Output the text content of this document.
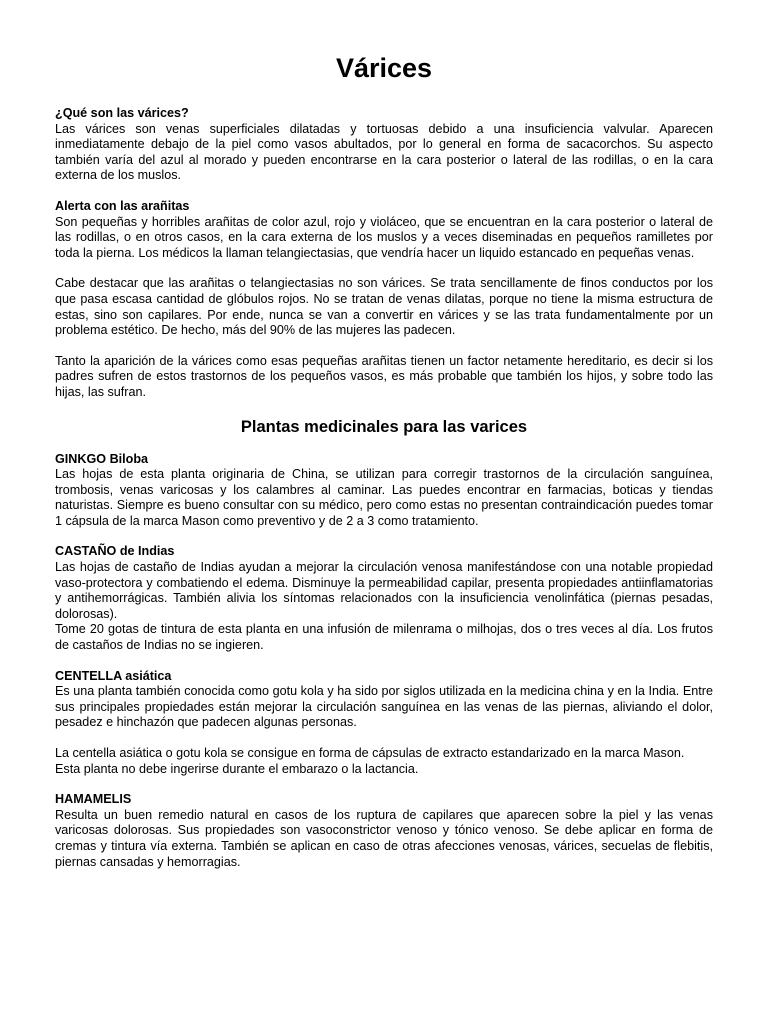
Várices

¿Qué son las várices?

Las várices son venas superficiales dilatadas y tortuosas debido a una insuficiencia valvular. Aparecen inmediatamente debajo de la piel como vasos abultados, por lo general en forma de sacacorchos. Su aspecto también varía del azul al morado y pueden encontrarse en la cara posterior o lateral de las rodillas, o en la cara externa de los muslos.

Alerta con las arañitas

Son pequeñas y horribles arañitas de color azul, rojo y violáceo, que se encuentran en la cara posterior o lateral de las rodillas, o en otros casos, en la cara externa de los muslos y a veces diseminadas en pequeños ramilletes por toda la pierna. Los médicos la llaman telangiectasias, que vendría hacer un liquido estancado en pequeñas venas.

Cabe destacar que las arañitas o telangiectasias no son várices. Se trata sencillamente de finos conductos por los que pasa escasa cantidad de glóbulos rojos. No se tratan de venas dilatas, porque no tiene la misma estructura de estas, sino son capilares. Por ende, nunca se van a convertir en várices y se las trata fundamentalmente por un problema estético. De hecho, más del 90% de las mujeres las padecen.

Tanto la aparición de la várices como esas pequeñas arañitas tienen un factor netamente hereditario, es decir si los padres sufren de estos trastornos de los pequeños vasos, es más probable que también los hijos, y sobre todo las hijas, las sufran.

Plantas medicinales para las varices

GINKGO Biloba

Las hojas de esta planta originaria de China, se utilizan para corregir trastornos de la circulación sanguínea, trombosis, venas varicosas y los calambres al caminar. Las puedes encontrar en farmacias, boticas y tiendas naturistas. Siempre es bueno consultar con su médico, pero como estas no presentan contraindicación puedes tomar 1 cápsula de la marca Mason como preventivo y de 2 a 3 como tratamiento.

CASTAÑO de Indias

Las hojas de castaño de Indias ayudan a mejorar la circulación venosa manifestándose con una notable propiedad vaso-protectora y combatiendo el edema. Disminuye la permeabilidad capilar, presenta propiedades antiinflamatorias y antihemorrágicas. También alivia los síntomas relacionados con la insuficiencia venolinfática (piernas pesadas, dolorosas).

Tome 20 gotas de tintura de esta planta en una infusión de milenrama o milhojas, dos o tres veces al día. Los frutos de castaños de Indias no se ingieren.

CENTELLA asiática

Es una planta también conocida como gotu kola y ha sido por siglos utilizada en la medicina china y en la India. Entre sus principales propiedades están mejorar la circulación sanguínea en las venas de las piernas, aliviando el dolor, pesadez e hinchazón que padecen algunas personas.

La centella asiática o gotu kola se consigue en forma de cápsulas de extracto estandarizado en la marca Mason.

Esta planta no debe ingerirse durante el embarazo o la lactancia.

HAMAMELIS

Resulta un buen remedio natural en casos de los ruptura de capilares que aparecen sobre la piel y las venas varicosas dolorosas. Sus propiedades son vasoconstrictor venoso y tónico venoso. Se debe aplicar en forma de cremas y tintura vía externa. También se aplican en caso de otras afecciones venosas, várices, secuelas de flebitis, piernas cansadas y hemorragias.
